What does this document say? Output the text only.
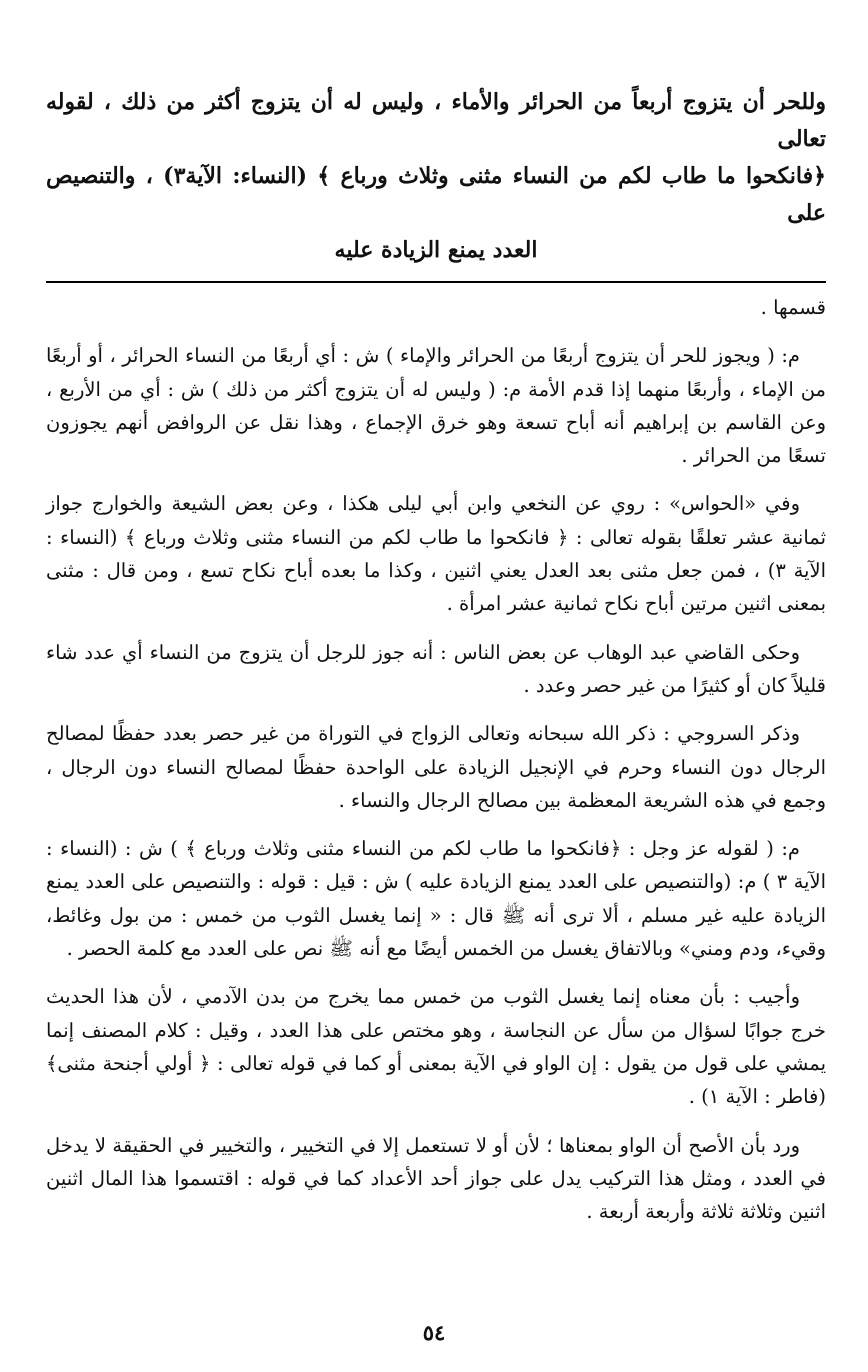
وللحر أن يتزوج أربعاً من الحرائر والأماء ، وليس له أن يتزوج أكثر من ذلك ، لقوله تعالى

﴿فانكحوا ما طاب لكم من النساء مثنى وثلاث ورباع ﴾ (النساء: الآية٣) ، والتنصيص على

العدد يمنع الزيادة عليه

قسمها .

م: ( ويجوز للحر أن يتزوج أربعًا من الحرائر والإماء ) ش : أي أربعًا من النساء الحرائر ، أو أربعًا من الإماء ، وأربعًا منهما إذا قدم الأمة م: ( وليس له أن يتزوج أكثر من ذلك ) ش : أي من الأربع ، وعن القاسم بن إبراهيم أنه أباح تسعة وهو خرق الإجماع ، وهذا نقل عن الروافض أنهم يجوزون تسعًا من الحرائر .

وفي «الحواس» : روي عن النخعي وابن أبي ليلى هكذا ، وعن بعض الشيعة والخوارج جواز ثمانية عشر تعلقًا بقوله تعالى : ﴿ فانكحوا ما طاب لكم من النساء مثنى وثلاث ورباع ﴾ (النساء : الآية ٣) ، فمن جعل مثنى بعد العدل يعني اثنين ، وكذا ما بعده أباح نكاح تسع ، ومن قال : مثنى بمعنى اثنين مرتين أباح نكاح ثمانية عشر امرأة .

وحكى القاضي عبد الوهاب عن بعض الناس : أنه جوز للرجل أن يتزوج من النساء أي عدد شاء قليلاً كان أو كثيرًا من غير حصر وعدد .

وذكر السروجي : ذكر الله سبحانه وتعالى الزواج في التوراة من غير حصر بعدد حفظًا لمصالح الرجال دون النساء وحرم في الإنجيل الزيادة على الواحدة حفظًا لمصالح النساء دون الرجال ، وجمع في هذه الشريعة المعظمة بين مصالح الرجال والنساء .

م: ( لقوله عز وجل : ﴿فانكحوا ما طاب لكم من النساء مثنى وثلاث ورباع ﴾ ) ش : (النساء : الآية ٣ ) م: (والتنصيص على العدد يمنع الزيادة عليه ) ش : قيل : قوله : والتنصيص على العدد يمنع الزيادة عليه غير مسلم ، ألا ترى أنه ﷺ قال : « إنما يغسل الثوب من خمس : من بول وغائط، وقيء، ودم ومني» وبالاتفاق يغسل من الخمس أيضًا مع أنه ﷺ نص على العدد مع كلمة الحصر .

وأجيب : بأن معناه إنما يغسل الثوب من خمس مما يخرج من بدن الآدمي ، لأن هذا الحديث خرج جوابًا لسؤال من سأل عن النجاسة ، وهو مختص على هذا العدد ، وقيل : كلام المصنف إنما يمشي على قول من يقول : إن الواو في الآية بمعنى أو كما في قوله تعالى : ﴿ أولي أجنحة مثنى﴾ (فاطر : الآية ١) .

ورد بأن الأصح أن الواو بمعناها ؛ لأن أو لا تستعمل إلا في التخيير ، والتخيير في الحقيقة لا يدخل في العدد ، ومثل هذا التركيب يدل على جواز أحد الأعداد كما في قوله : اقتسموا هذا المال اثنين اثنين وثلاثة ثلاثة وأربعة أربعة .

٥٤
